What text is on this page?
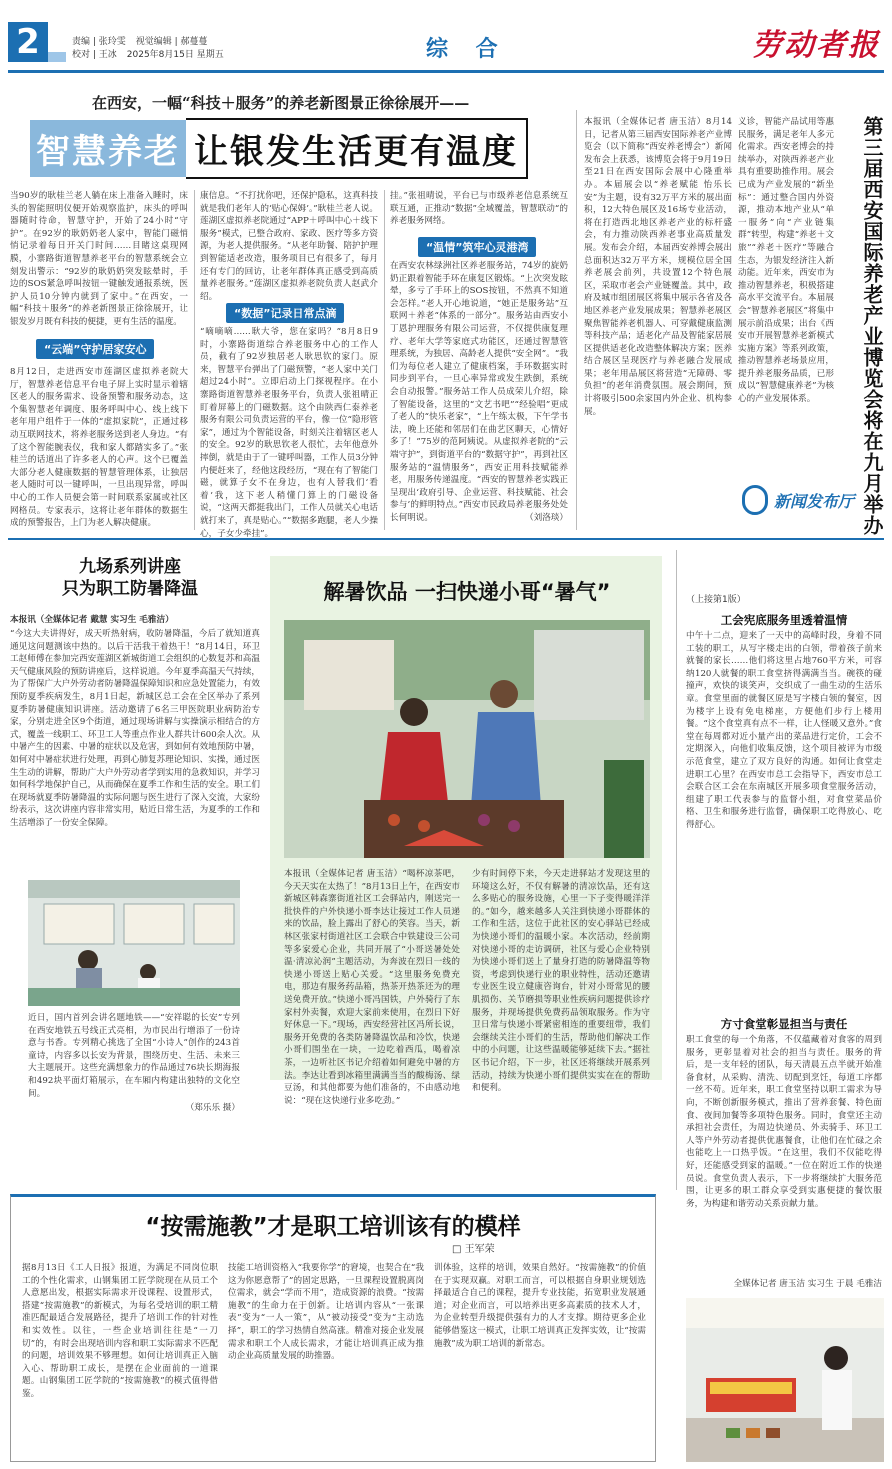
2	责编 | 张玲雯 视觉编辑 | 郝蔓蔓
校对 | 王冰 2025年8月15日 星期五	综 合	劳动者报
在西安，一幅“科技＋服务”的养老新图景正徐徐展开——
智慧养老 让银发生活更有温度
当90岁的耿桂兰老人躺在床上准备入睡时，床头的智能照明仪便开始观察监护，床头的呼叫器随时待命，智慧守护，开始了24小时“守护”。在92岁的耿奶奶老人家中，智能门磁悄悄记录着每日开关门时间……目睹这桌现网膜，小寨路街道智慧养老平台的智慧系统会立刻发出警示：“92岁的耿奶奶突发眩晕时，手边的SOS紧急呼叫按钮一键触发通报系统，医护人员10分钟内就到了家中。”在西安，一幅“科技＋服务”的养老新图景正徐徐展开，让银发岁月既有科技的便捷，更有生活的温度。
“云端”守护居家安心
8月12日，走进西安市莲湖区虚拟养老院大厅，智慧养老信息平台电子屏上实时显示着辖区老人的服务需求、设备预警和服务动态，这个集智慧老年调度、服务呼叫中心、线上线下老年用户组件于一体的“虚拟家院”，正通过移动互联网技术，将养老服务送到老人身边。“有了这个智能腕表仪，我和家人都踏实多了。”张桂兰的话道出了许多老人的心声。这个已覆盖大部分老人健康数据的智慧管理体系，让独居老人随时可以一键呼叫，一旦出现异常，呼叫中心的工作人员便会第一时间联系家属或社区网格员。专家表示，这将让老年群体的数据生成的预警报告，上门为老人解决健康。
康信息。“不打扰你吧，还保护隐私，这真科技就是我们老年人的‘贴心保姆’。”耿桂兰老人说。莲湖区虚拟养老院通过“APP＋呼叫中心＋线下服务”模式，已整合政府、家政、医疗等多方资源，为老人提供服务。“从老年助餐、陪护护理到智能适老改造，服务项目已有很多了，每月还有专门的回访，让老年群体真正感受到高质量养老服务。”莲湖区虚拟养老院负责人赵武介绍。
“数据”记录日常点滴
“嘀嘀嘀……耿大爷，您在家吗？”8月8日9时，小寨路街道综合养老服务中心的工作人员，截有了92岁独居老人耿思钦的家门。原来，智慧平台弹出了门磁预警，“老人家中关门超过24小时”。立即启动上门探视程序。在小寨路街道智慧养老服务平台，负责人张祖晴正盯着屏幕上的门磁数据。这个由陕西仁泰养老服务有限公司负责运营的平台，像一位“隐形管家”，通过为个智能设备，时刻关注着辖区老人的安全。92岁的耿思钦老人很忙，去年他意外摔倒，就是由于了一键呼叫器，工作人员3分钟内便赶来了，经他这段经历，“现在有了智能门磁，就算子女不在身边，也有人替我们‘看着’我，这下老人稍懂门算上的门磁设备说，“这两天都挺我出门，工作人员就关心电话就打来了，真是贴心。”“数据多跑腿，老人少操心，子女少牵挂”。
挂。”张祖晴说，平台已与市级养老信息系统互联互通，正推动“数据”全域覆盖，智慧联动“的养老服务网络。
“温情”筑牢心灵港湾
在西安农林绿洲社区养老服务站，74岁的旋奶奶正跟着智能手环在康复区锻炼。“上次突发眩晕，多亏了手环上的SOS按钮，不然真不知道会怎样。”老人开心地说道，“她正是服务站”互联网＋养老“体系的一部分”。服务站由西安小丁恩护理服务有限公司运营，不仅提供康复理疗、老年大学等家庭式功能区，还通过智慧管理系统，为独居、高龄老人提供“安全网”。“我们为每位老人建立了健康档案，手环数据实时同步到平台，一旦心率异常或发生跌倒，系统会自动报警。”服务站工作人员成荣儿介绍，除了智能设备，这里的“文艺书吧”“经验唱”更成了老人的“快乐老家”，“上午练太极，下午学书法，晚上还能和邻居们在曲艺区聊天，心情好多了！”75岁的范阿姨说。从虚拟养老院的“云端守护”，到街道平台的“数据守护”，再到社区服务站的“温情服务”，西安正用科技赋能养老，用服务传递温度。“西安的智慧养老实践正呈现出‘政府引导、企业运营、科技赋能、社会参与’的鲜明特点。”西安市民政局养老服务处处长何明说。	（刘洛琰）
本报讯（全媒体记者 唐玉洁）8月14日，记者从第三届西安国际养老产业博览会（以下简称“西安养老博会”）新闻发布会上获悉，该博览会将于9月19日至21日在西安国际会展中心隆重举办。本届展会以“养老赋能 怡乐长安”为主题，设有32万平方米的展出面积，12大特色展区及16场专业活动，将在打造西北地区养老产业的标杆盛会，有力推动陕西养老事业高质量发展。发布会介绍，本届西安养博会展出总面积达32万平方米，规模位居全国养老展会前列，共设置12个特色展区，采取市老会产业链覆盖。其中，政府及城市组团展区将集中展示各省及各地区养老产业发展成果；智慧养老展区聚焦智能养老机器人、可穿戴健康监测等科技产品；适老化产品及智能家居展区提供适老化改造整体解决方案；医养结合展区呈现医疗与养老融合发展成果；老年用品展区将营造“无障碍、零负担”的老年消费氛围。展会期间，预计将吸引500余家国内外企业、机构参展。
义诊，智能产品试用等惠民服务，满足老年人多元化需求。西安老博会的持续举办，对陕西养老产业具有重要助推作用。展会已成为产业发展的“新坐标”：通过整合国内外资源，推动本地产业从“单一服务”向“产业链集群”转型，构建“养老＋文旅”“养老＋医疗”等融合生态，为银发经济注入新动能。近年来，西安市为推动智慧养老，积极搭建高水平交流平台。本届展会“智慧养老展区”将集中展示前沿成果；出台《西安市开展智慧养老新模式实施方案》等系列政策，推动智慧养老场景应用，提升养老服务品质，已形成以“智慧健康养老”为核心的产业发展体系。	第三届西安国际养老产业博览会将在九月举办
新闻发布厅
九场系列讲座
只为职工防暑降温
本报讯（全媒体记者 戴慧 实习生 毛雅洁）
“今这大夫讲得好，成天听热射病，收防暑降温，今后了就知道真通见这问题测该中热的。以后干活我干着热干！”8月14日，环卫工赵师傅在参加完西安莲湖区新城街道工会组织的心数复苏和高温天气健康风险的预防讲座后，这样说道。今年夏季高温天气持续，为了帮保广大户外劳动者防暑降温保障知识和应急处置能力，有效预防夏季疾病发生，8月1日起，新城区总工会在全区举办了系列夏季防暑健康知识讲座。活动邀请了6名三甲医院职业病防治专家，分别走进全区9个街道，通过现场讲解与实操演示相结合的方式，覆盖一线职工、环卫工人等重点作业人群共计600余人次。从中暑产生的因素、中暑的症状以及危害，到如何有效地预防中暑，如何对中暑症状进行处理，再到心肺复苏理论知识、实操，通过医生生动的讲解，帮助广大户外劳动者学到实用的急救知识，并学习如何科学地保护自己，从而确保在夏季工作和生活的安全。职工们在现场就夏季防暑降温的实际问题与医生进行了深入交流，大家纷纷表示，这次讲座内容非常实用，贴近日常生活，为夏季的工作和生活增添了一份安全保障。
近日，国内首列会讲名题地铁——“安祥聪的长安”专列在西安地铁五号线正式亮相，为市民出行增添了一份诗意与书香。专列精心挑选了全国“小诗人”创作的243首童诗，内容多以长安为背景，围绕历史、生活、未来三大主题展开。这些充满想象力的作品通过76块长期海报和492块平面灯箱展示，在车厢内构建出独特的文化空间。
（郑乐乐 摄）
解暑饮品 一扫快递小哥“暑气”
本报讯（全媒体记者 唐玉洁）“喝杯凉茶吧，今天天实在太热了！”8月13日上午，在西安市新城区韩森寨街道社区工会驿站内，刚送完一批快件的户外快递小哥李达让接过工作人员递来的饮品，脸上露出了舒心的笑容。当天，新林区张家村街道社区工会联合中铁建设三公司等多家爱心企业，共同开展了“小哥送暑处处温·清凉沁润”主题活动，为奔波在烈日一线的快递小哥送上贴心关爱。“这里服务免费充电，那边有服务药品箱，热茶开热茶还为的理送免费开放。”快递小哥冯国铁，户外骑行了东家村外卖餐，欢迎大家前来使用，在烈日下好好休息一下。”现场，西安经营社区冯所长说，服务开免费的各类防暑降温饮品和冷饮，快递小哥们围坐在一块，一边吃着西瓜，喝着凉茶，一边听社区书记介绍着如何避免中暑的方法。李达让看到冰箱里满满当当的酸梅汤、绿豆汤，和其他都要为他们准备的，不由感动地说：“现在这快递行业多吃劲。”
少有时间停下来，今天走进驿站才发现这里的环境这么好，不仅有解暑的清凉饮品，还有这么多贴心的服务设施，心里一下子变得暖洋洋的。”如今，越来越多人关注到快递小哥群体的工作和生活，这位于此社区的安心驿站已经成为快递小哥们的温暖小家。本次活动，经前期对快递小哥的走访调研，社区与爱心企业特别为快递小哥们送上了量身打造的防暑降温等物资，考虑到快递行业的职业特性，活动还邀请专业医生设立健康咨询台，针对小哥常见的腰肌损伤、关节磨损等职业性疾病问题提供诊疗服务，并现场提供免费药品领取服务。作为守卫日常与快递小哥紧密相连的重要纽带，我们会继续关注小哥们的生活，帮助他们解决工作中的小问题，让这些温暖能够延续下去。”据社区书记介绍，下一步，社区还将继续开展系列活动，持续为快递小哥们提供实实在在的帮助和便利。
（上接第1版）
工会宪底服务里透着温情
中午十二点，迎来了一天中的高峰时段，身着不同工装的职工，从写字楼走出的白领，带着孩子前来就餐的家长……他们将这里占地760平方米，可容纳120人就餐的职工食堂挤得满满当当。碗筷的碰撞声，欢快的谈笑声，交织成了一曲生动的生活乐章。食堂里面的就餐区原是写字楼白领的餐室，因为楼宇上设有免电梯座，方便他们步行上楼用餐。“这个食堂真有点不一样，让人怪暖又意外。”食堂在每周都对近小量产出的菜品进行定价，工会不定期深入，向他们收集反馈，这个项目被评为市级示范食堂，建立了双方良好的沟通。如何让食堂走进职工心里？在西安市总工会指导下，西安市总工会联合区工会在东南城区开展多项食堂服务活动，组建了职工代表参与的监督小组，对食堂菜品价格、卫生和服务进行监督，确保职工吃得放心、吃得舒心。
方寸食堂彰显担当与责任
职工食堂的每一个角落，不仅蕴藏着对食客的周到服务，更彰显着对社会的担当与责任。服务的背后，是一支年轻的团队，每天清晨五点半就开始准备食材，从采购、清洗、切配到烹饪，每道工序都一丝不苟。近年来，职工食堂坚持以职工需求为导向，不断创新服务模式，推出了营养套餐、特色面食、夜间加餐等多项特色服务。同时，食堂还主动承担社会责任，为周边快递员、外卖骑手、环卫工人等户外劳动者提供优惠餐食，让他们在忙碌之余也能吃上一口热乎饭。“在这里，我们不仅能吃得好，还能感受到家的温暖。”一位在附近工作的快递员说。食堂负责人表示，下一步将继续扩大服务范围，让更多的职工群众享受到实惠便捷的餐饮服务，为构建和谐劳动关系贡献力量。
全媒体记者 唐玉洁 实习生 于晨 毛雅洁
“按需施教”才是职工培训该有的模样
□ 王军荣
据8月13日《工人日报》报道，为满足不同岗位职工的个性化需求，山钢集团工匠学院现在从员工个人意愿出发，根据实际需求开设课程、设置形式，搭建“按需施教”的新模式，为每名受培训的职工精准匹配最适合发展路径，提升了培训工作的针对性和实效性。以往，一些企业培训往往是“一刀切”的，有时会出现培训内容和职工实际需求不匹配的问题，培训效果不够理想。如何让培训真正入脑入心、帮助职工成长，是摆在企业面前的一道课题。山钢集团工匠学院的“按需施教”的模式值得借鉴。
技能工培训资格入“我要你学”的窘境，也契合在“我这为你愿意帮了”的固定思路，一旦课程设置脱离岗位需求，就会“学而不用”，造成资源的浪费。“按需施教”的生命力在于创新。让培训内容从“一张课表”变为“一人一策”，从“被动接受”变为“主动选择”，职工的学习热情自然高涨。精准对接企业发展需求和职工个人成长需求，才能让培训真正成为推动企业高质量发展的助推器。
训体验，这样的培训，效果自然好。“按需施教”的价值在于实现双赢。对职工而言，可以根据自身职业规划选择最适合自己的课程，提升专业技能，拓宽职业发展通道；对企业而言，可以培养出更多高素质的技术人才，为企业转型升级提供强有力的人才支撑。期待更多企业能够借鉴这一模式，让职工培训真正发挥实效，让“按需施教”成为职工培训的新常态。
